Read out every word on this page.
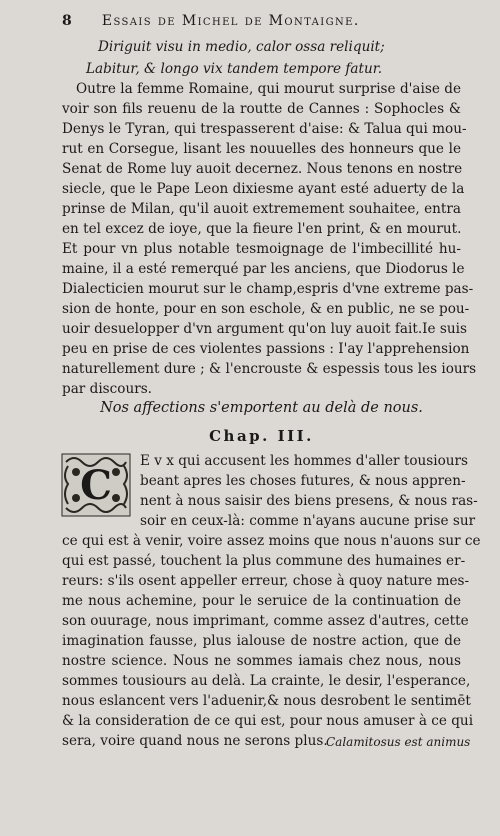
8 Essais de Michel de Montaigne.
Diriguit visu in medio, calor ossa reliquit;
Labitur, & longo vix tandem tempore fatur.
Outre la femme Romaine, qui mourut surprise d'aise de
voir son fils reuenu de la routte de Cannes : Sophocles &
Denys le Tyran, qui trespasserent d'aise: & Talua qui mou-
rut en Corsegue, lisant les nouuelles des honneurs que le
Senat de Rome luy auoit decernez. Nous tenons en nostre
siecle, que le Pape Leon dixiesme ayant esté aduerty de la
prinse de Milan, qu'il auoit extremement souhaitee, entra
en tel excez de ioye, que la fieure l'en print, & en mourut.
Et pour vn plus notable tesmoignage de l'imbecillité hu-
maine, il a esté remerqué par les anciens, que Diodorus le
Dialecticien mourut sur le champ,espris d'vne extreme pas-
sion de honte, pour en son eschole, & en public, ne se pou-
uoir desuelopper d'vn argument qu'on luy auoit fait.Ie suis
peu en prise de ces violentes passions : I'ay l'apprehension
naturellement dure ; & l'encrouste & espessis tous les iours
par discours.
Nos affections s'emportent au delà de nous.
Chap. III.
C
E v x qui accusent les hommes d'aller tousiours
beant apres les choses futures, & nous appren-
nent à nous saisir des biens presens, & nous ras-
soir en ceux-là: comme n'ayans aucune prise sur
ce qui est à venir, voire assez moins que nous n'auons sur ce
qui est passé, touchent la plus commune des humaines er-
reurs: s'ils osent appeller erreur, chose à quoy nature mes-
me nous achemine, pour le seruice de la continuation de
son ouurage, nous imprimant, comme assez d'autres, cette
imagination fausse, plus ialouse de nostre action, que de
nostre science. Nous ne sommes iamais chez nous, nous
sommes tousiours au delà. La crainte, le desir, l'esperance,
nous eslancent vers l'aduenir,& nous desrobent le sentimēt
& la consideration de ce qui est, pour nous amuser à ce qui
sera, voire quand nous ne serons plus.
Calamitosus est animus
